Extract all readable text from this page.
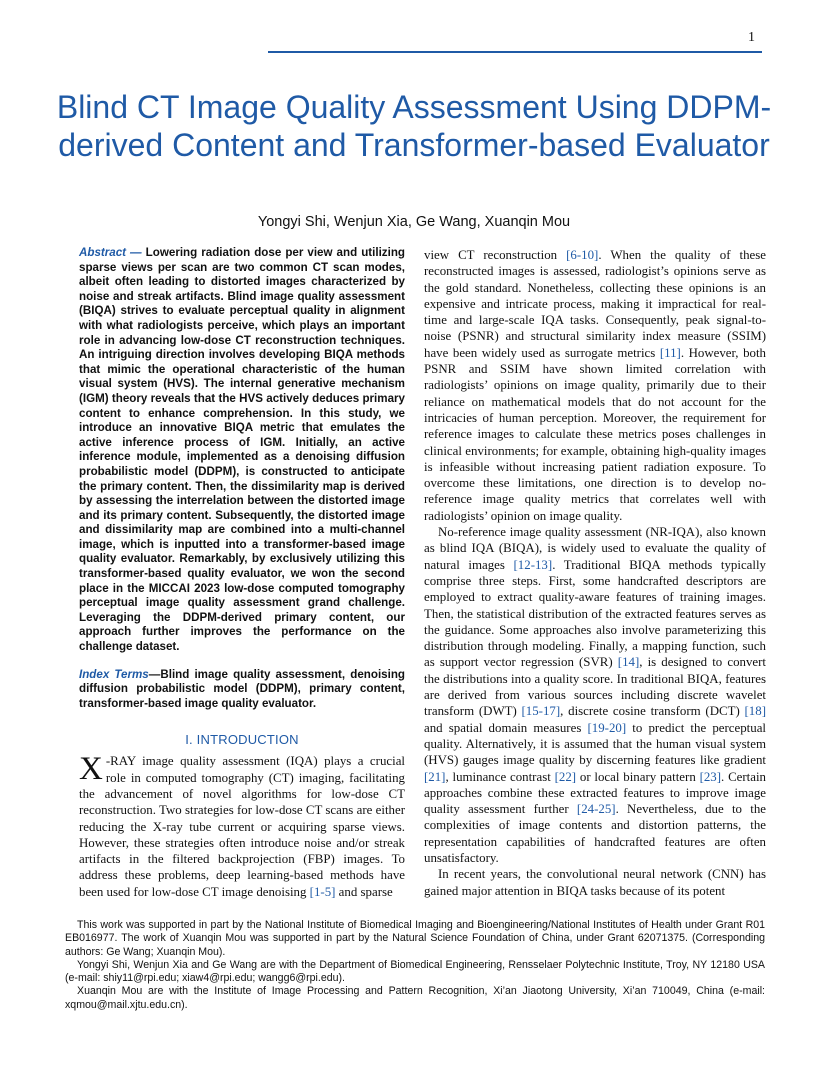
1
Blind CT Image Quality Assessment Using DDPM-derived Content and Transformer-based Evaluator
Yongyi Shi, Wenjun Xia, Ge Wang, Xuanqin Mou

Abstract — Lowering radiation dose per view and utilizing sparse views per scan are two common CT scan modes, albeit often leading to distorted images characterized by noise and streak artifacts. Blind image quality assessment (BIQA) strives to evaluate perceptual quality in alignment with what radiologists perceive, which plays an important role in advancing low-dose CT reconstruction techniques. An intriguing direction involves developing BIQA methods that mimic the operational characteristic of the human visual system (HVS). The internal generative mechanism (IGM) theory reveals that the HVS actively deduces primary content to enhance comprehension. In this study, we introduce an innovative BIQA metric that emulates the active inference process of IGM. Initially, an active inference module, implemented as a denoising diffusion probabilistic model (DDPM), is constructed to anticipate the primary content. Then, the dissimilarity map is derived by assessing the interrelation between the distorted image and its primary content. Subsequently, the distorted image and dissimilarity map are combined into a multi-channel image, which is inputted into a transformer-based image quality evaluator. Remarkably, by exclusively utilizing this transformer-based quality evaluator, we won the second place in the MICCAI 2023 low-dose computed tomography perceptual image quality assessment grand challenge. Leveraging the DDPM-derived primary content, our approach further improves the performance on the challenge dataset.

Index Terms—Blind image quality assessment, denoising diffusion probabilistic model (DDPM), primary content, transformer-based image quality evaluator.

I. INTRODUCTION

X -RAY image quality assessment (IQA) plays a crucial role in computed tomography (CT) imaging, facilitating the advancement of novel algorithms for low-dose CT reconstruction. Two strategies for low-dose CT scans are either reducing the X-ray tube current or acquiring sparse views. However, these strategies often introduce noise and/or streak artifacts in the filtered backprojection (FBP) images. To address these problems, deep learning-based methods have been used for low-dose CT image denoising [1-5] and sparse

view CT reconstruction [6-10]. When the quality of these reconstructed images is assessed, radiologist’s opinions serve as the gold standard. Nonetheless, collecting these opinions is an expensive and intricate process, making it impractical for real-time and large-scale IQA tasks. Consequently, peak signal-to-noise (PSNR) and structural similarity index measure (SSIM) have been widely used as surrogate metrics [11]. However, both PSNR and SSIM have shown limited correlation with radiologists’ opinions on image quality, primarily due to their reliance on mathematical models that do not account for the intricacies of human perception. Moreover, the requirement for reference images to calculate these metrics poses challenges in clinical environments; for example, obtaining high-quality images is infeasible without increasing patient radiation exposure. To overcome these limitations, one direction is to develop no-reference image quality metrics that correlates well with radiologists’ opinion on image quality.

No-reference image quality assessment (NR-IQA), also known as blind IQA (BIQA), is widely used to evaluate the quality of natural images [12-13]. Traditional BIQA methods typically comprise three steps. First, some handcrafted descriptors are employed to extract quality-aware features of training images. Then, the statistical distribution of the extracted features serves as the guidance. Some approaches also involve parameterizing this distribution through modeling. Finally, a mapping function, such as support vector regression (SVR) [14], is designed to convert the distributions into a quality score. In traditional BIQA, features are derived from various sources including discrete wavelet transform (DWT) [15-17], discrete cosine transform (DCT) [18] and spatial domain measures [19-20] to predict the perceptual quality. Alternatively, it is assumed that the human visual system (HVS) gauges image quality by discerning features like gradient [21], luminance contrast [22] or local binary pattern [23]. Certain approaches combine these extracted features to improve image quality assessment further [24-25]. Nevertheless, due to the complexities of image contents and distortion patterns, the representation capabilities of handcrafted features are often unsatisfactory.

In recent years, the convolutional neural network (CNN) has gained major attention in BIQA tasks because of its potent

This work was supported in part by the National Institute of Biomedical Imaging and Bioengineering/National Institutes of Health under Grant R01 EB016977. The work of Xuanqin Mou was supported in part by the Natural Science Foundation of China, under Grant 62071375. (Corresponding authors: Ge Wang; Xuanqin Mou).

Yongyi Shi, Wenjun Xia and Ge Wang are with the Department of Biomedical Engineering, Rensselaer Polytechnic Institute, Troy, NY 12180 USA (e-mail: shiy11@rpi.edu; xiaw4@rpi.edu; wangg6@rpi.edu).

Xuanqin Mou are with the Institute of Image Processing and Pattern Recognition, Xi’an Jiaotong University, Xi’an 710049, China (e-mail: xqmou@mail.xjtu.edu.cn).
